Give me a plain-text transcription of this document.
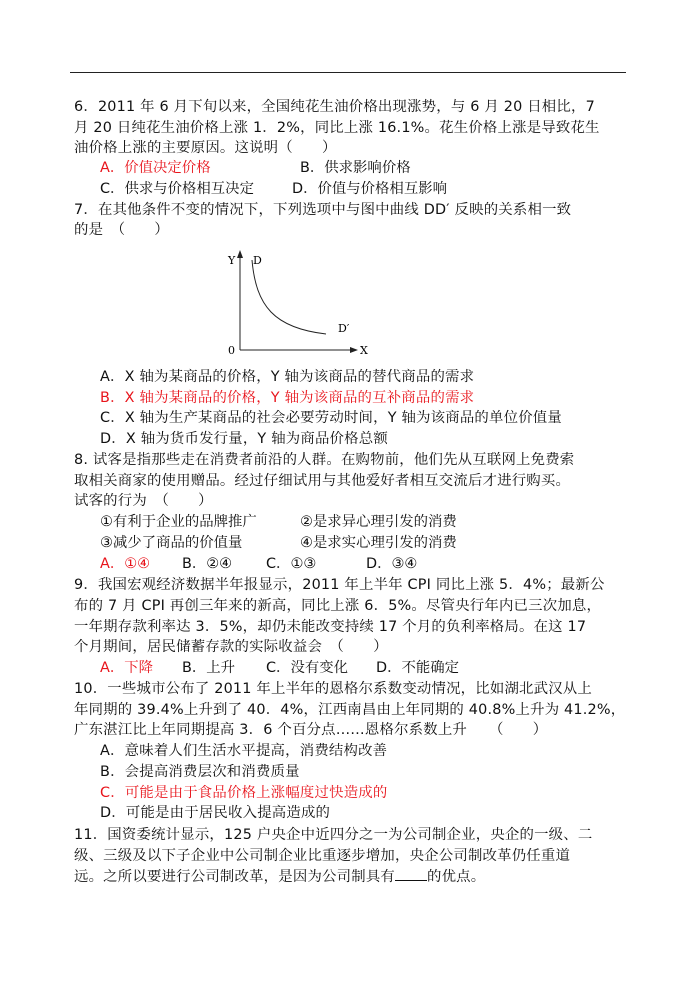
6．2011 年 6 月下旬以来，全国纯花生油价格出现涨势，与 6 月 20 日相比，7
月 20 日纯花生油价格上涨 1．2%，同比上涨 16.1%。花生价格上涨是导致花生
油价格上涨的主要原因。这说明（　　）
A．价值决定价格	B．供求影响价格
C．供求与价格相互决定	D．价值与价格相互影响
7．在其他条件不变的情况下，下列选项中与图中曲线 DD′ 反映的关系相一致
的是　（　　）
Y D
D′
0	X
A．X 轴为某商品的价格，Y 轴为该商品的替代商品的需求
B．X 轴为某商品的价格，Y 轴为该商品的互补商品的需求
C．X 轴为生产某商品的社会必要劳动时间，Y 轴为该商品的单位价值量
D．X 轴为货币发行量，Y 轴为商品价格总额
8. 试客是指那些走在消费者前沿的人群。在购物前，他们先从互联网上免费索
取相关商家的使用赠品。经过仔细试用与其他爱好者相互交流后才进行购买。
试客的行为　（　　）
①有利于企业的品牌推广	②是求异心理引发的消费
③减少了商品的价值量	④是求实心理引发的消费
A．①④ B．②④ C．①③	D．③④
9．我国宏观经济数据半年报显示，2011 年上半年 CPI 同比上涨 5．4%；最新公
布的 7 月 CPI 再创三年来的新高，同比上涨 6．5%。尽管央行年内已三次加息，
一年期存款利率达 3．5%，却仍未能改变持续 17 个月的负利率格局。在这 17
个月期间，居民储蓄存款的实际收益会　（　　）
A．下降 B．上升 C．没有变化 D．不能确定
10．一些城市公布了 2011 年上半年的恩格尔系数变动情况，比如湖北武汉从上
年同期的 39.4%上升到了 40．4%，江西南昌由上年同期的 40.8%上升为 41.2%，
广东湛江比上年同期提高 3．6 个百分点……恩格尔系数上升　　（　　）
A．意味着人们生活水平提高，消费结构改善
B．会提高消费层次和消费质量
C．可能是由于食品价格上涨幅度过快造成的
D．可能是由于居民收入提高造成的
11．国资委统计显示，125 户央企中近四分之一为公司制企业，央企的一级、二
级、三级及以下子企业中公司制企业比重逐步增加，央企公司制改革仍任重道
远。之所以要进行公司制改革，是因为公司制具有 的优点。
